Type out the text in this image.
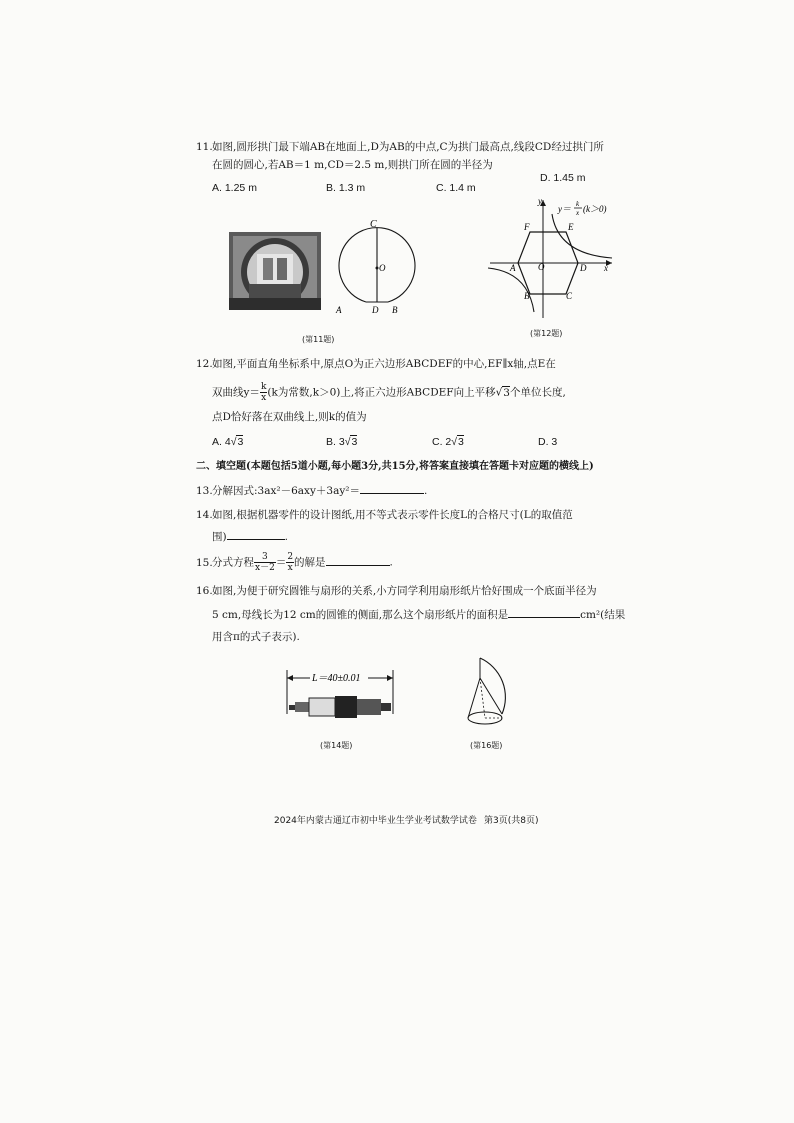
11. 如图,圆形拱门最下端AB在地面上,D为AB的中点,C为拱门最高点,线段CD经过拱门所
在圆的圆心,若AB＝1 m,CD＝2.5 m,则拱门所在圆的半径为
A. 1.25 m	B. 1.3 m	C. 1.4 m
D. 1.45 m
C
O
A	D B
(第11题)
y
x
O
A
B	C
D
E
F
y＝ k
x (k＞0)
(第12题)
12. 如图,平面直角坐标系中,原点O为正六边形ABCDEF的中心,EF∥x轴,点E在
双曲线$y= \frac{k}{x} (k$为常数,k＞0)上,将正六边形ABCDEF向上平移√3个单位长度,
点D恰好落在双曲线上,则k的值为
A. 4√3	B. 3√3	C. 2√3	D. 3
二、填空题(本题包括5道小题,每小题3分,共15分,将答案直接填在答题卡对应题的横线上)
13. 分解因式:3ax²－6axy＋3ay²＝	.
14. 如图,根据机器零件的设计图纸,用不等式表示零件长度L的合格尺寸(L的取值范
围)	.
15. 分式方程 $\frac{3}{x-2} = \frac{2}{x}$ 的解是	.
16. 如图,为便于研究圆锥与扇形的关系,小方同学利用扇形纸片恰好围成一个底面半径为
5 cm,母线长为12 cm的圆锥的侧面,那么这个扇形纸片的面积是	cm²(结果
用含π的式子表示).
L＝40±0.01
(第14题)	(第16题)
2024年内蒙古通辽市初中毕业生学业考试数学试卷 第3页(共8页)
